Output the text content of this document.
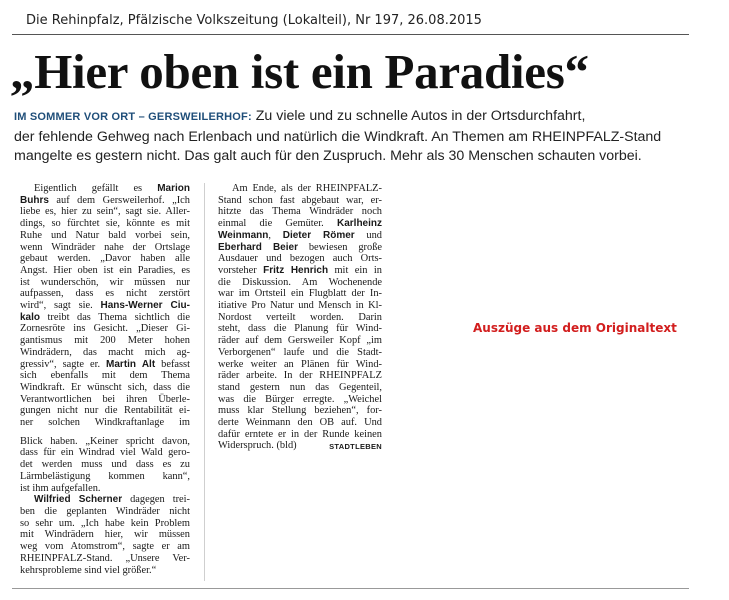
Die Rehinpfalz, Pfälzische Volkszeitung (Lokalteil), Nr 197, 26.08.2015
„Hier oben ist ein Paradies“
IM SOMMER VOR ORT – GERSWEILERHOF: Zu viele und zu schnelle Autos in der Ortsdurchfahrt,
der fehlende Gehweg nach Erlenbach und natürlich die Windkraft. An Themen am RHEINPFALZ-Stand
mangelte es gestern nicht. Das galt auch für den Zuspruch. Mehr als 30 Menschen schauten vorbei.
Eigentlich gefällt es Marion
Buhrs auf dem Gersweilerhof. „Ich
liebe es, hier zu sein“, sagt sie. Aller-
dings, so fürchtet sie, könnte es mit
Ruhe und Natur bald vorbei sein,
wenn Windräder nahe der Ortslage
gebaut werden. „Davor haben alle
Angst. Hier oben ist ein Paradies, es
ist wunderschön, wir müssen nur
aufpassen, dass es nicht zerstört
wird“, sagt sie. Hans-Werner Ciu-
kalo treibt das Thema sichtlich die
Zornesröte ins Gesicht. „Dieser Gi-
gantismus mit 200 Meter hohen
Windrädern, das macht mich ag-
gressiv“, sagte er. Martin Alt befasst
sich ebenfalls mit dem Thema
Windkraft. Er wünscht sich, dass die
Verantwortlichen bei ihren Überle-
gungen nicht nur die Rentabilität ei-
ner solchen Windkraftanlage im
Blick haben. „Keiner spricht davon,
dass für ein Windrad viel Wald gero-
det werden muss und dass es zu
Lärmbelästigung kommen kann“,
ist ihm aufgefallen.
Wilfried Scherner dagegen trei-
ben die geplanten Windräder nicht
so sehr um. „Ich habe kein Problem
mit Windrädern hier, wir müssen
weg vom Atomstrom“, sagte er am
RHEINPFALZ-Stand. „Unsere Ver-
kehrsprobleme sind viel größer.“
Am Ende, als der RHEINPFALZ-
Stand schon fast abgebaut war, er-
hitzte das Thema Windräder noch
einmal die Gemüter. Karlheinz
Weinmann, Dieter Römer und
Eberhard Beier bewiesen große
Ausdauer und bezogen auch Orts-
vorsteher Fritz Henrich mit ein in
die Diskussion. Am Wochenende
war im Ortsteil ein Flugblatt der In-
itiative Pro Natur und Mensch in Kl-
Nordost verteilt worden. Darin
steht, dass die Planung für Wind-
räder auf dem Gersweiler Kopf „im
Verborgenen“ laufe und die Stadt-
werke weiter an Plänen für Wind-
räder arbeite. In der RHEINPFALZ
stand gestern nun das Gegenteil,
was die Bürger erregte. „Weichel
muss klar Stellung beziehen“, for-
derte Weinmann den OB auf. Und
dafür erntete er in der Runde keinen
Widerspruch. (bld)	STADTLEBEN
Auszüge aus dem Originaltext
